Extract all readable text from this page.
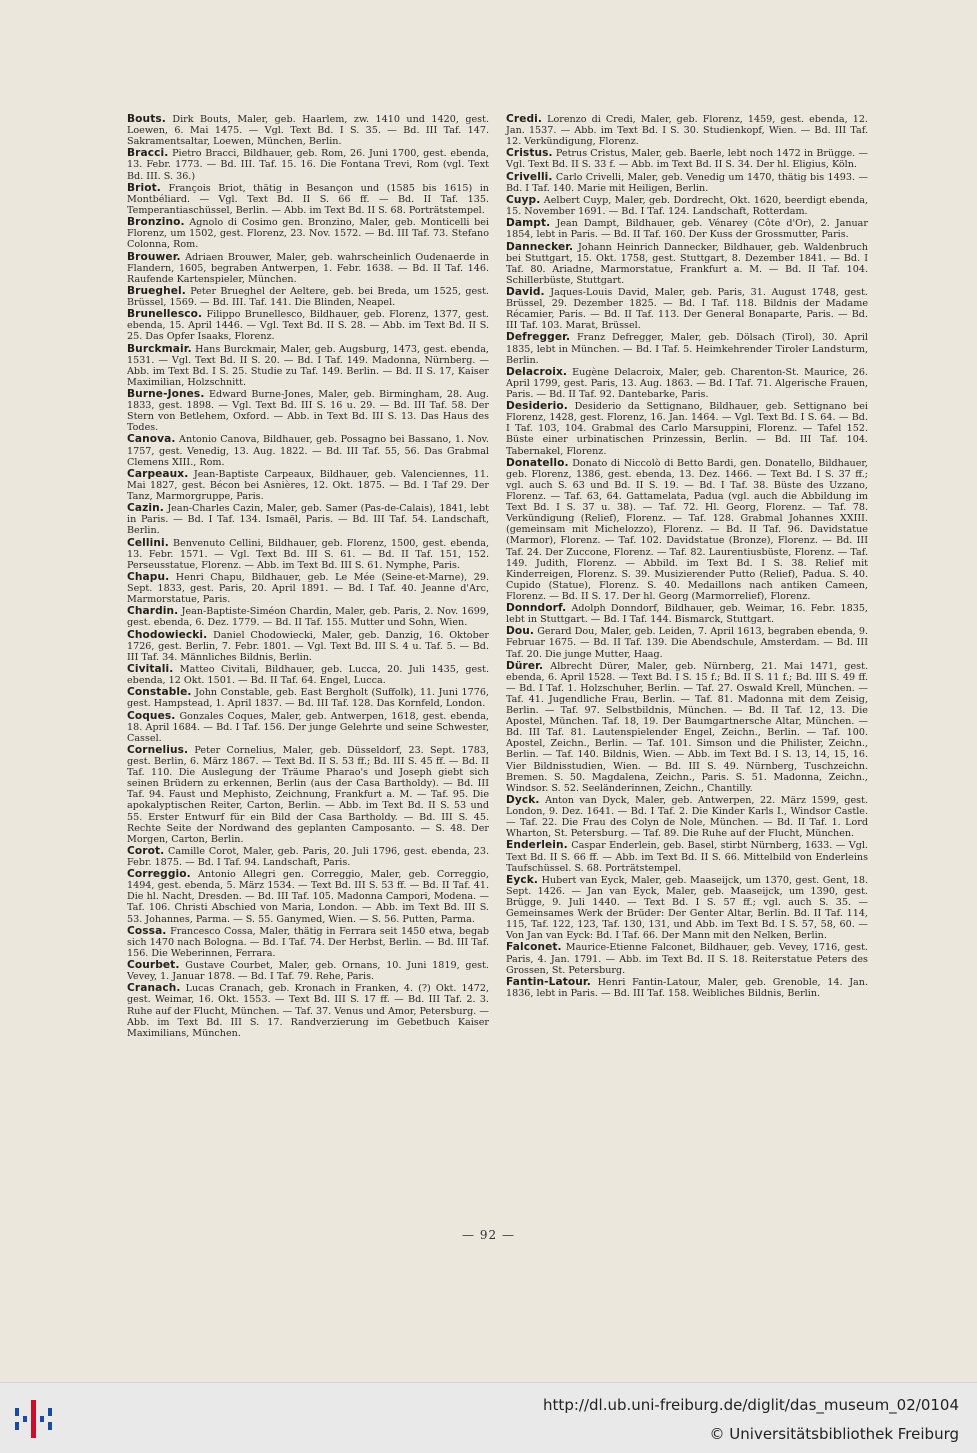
Bouts. Dirk Bouts, Maler, geb. Haarlem, zw. 1410 und 1420, gest. Loewen, 6. Mai 1475. — Vgl. Text Bd. I S. 35. — Bd. III Taf. 147. Sakramentsaltar, Loewen, München, Berlin.
Bracci. Pietro Bracci, Bildhauer, geb. Rom, 26. Juni 1700, gest. ebenda, 13. Febr. 1773. — Bd. III. Taf. 15. 16. Die Fontana Trevi, Rom (vgl. Text Bd. III. S. 36.)
Briot. François Briot, thätig in Besançon und (1585 bis 1615) in Montbéliard. — Vgl. Text Bd. II S. 66 ff. — Bd. II Taf. 135. Temperantiaschüssel, Berlin. — Abb. im Text Bd. II S. 68. Porträtstempel.
Bronzino. Agnolo di Cosimo gen. Bronzino, Maler, geb. Monticelli bei Florenz, um 1502, gest. Florenz, 23. Nov. 1572. — Bd. III Taf. 73. Stefano Colonna, Rom.
Brouwer. Adriaen Brouwer, Maler, geb. wahrscheinlich Oudenaerde in Flandern, 1605, begraben Antwerpen, 1. Febr. 1638. — Bd. II Taf. 146. Raufende Kartenspieler, München.
Brueghel. Peter Brueghel der Aeltere, geb. bei Breda, um 1525, gest. Brüssel, 1569. — Bd. III. Taf. 141. Die Blinden, Neapel.
Brunellesco. Filippo Brunellesco, Bildhauer, geb. Florenz, 1377, gest. ebenda, 15. April 1446. — Vgl. Text Bd. II S. 28. — Abb. im Text Bd. II S. 25. Das Opfer Isaaks, Florenz.
Burckmair. Hans Burckmair, Maler, geb. Augsburg, 1473, gest. ebenda, 1531. — Vgl. Text Bd. II S. 20. — Bd. I Taf. 149. Madonna, Nürnberg. — Abb. im Text Bd. I S. 25. Studie zu Taf. 149. Berlin. — Bd. II S. 17, Kaiser Maximilian, Holzschnitt.
Burne-Jones. Edward Burne-Jones, Maler, geb. Birmingham, 28. Aug. 1833, gest. 1898. — Vgl. Text Bd. III S. 16 u. 29. — Bd. III Taf. 58. Der Stern von Betlehem, Oxford. — Abb. in Text Bd. III S. 13. Das Haus des Todes.
Canova. Antonio Canova, Bildhauer, geb. Possagno bei Bassano, 1. Nov. 1757, gest. Venedig, 13. Aug. 1822. — Bd. III Taf. 55, 56. Das Grabmal Clemens XIII., Rom.
Carpeaux. Jean-Baptiste Carpeaux, Bildhauer, geb. Valenciennes, 11. Mai 1827, gest. Bécon bei Asnières, 12. Okt. 1875. — Bd. I Taf 29. Der Tanz, Marmorgruppe, Paris.
Cazin. Jean-Charles Cazin, Maler, geb. Samer (Pas-de-Calais), 1841, lebt in Paris. — Bd. I Taf. 134. Ismaël, Paris. — Bd. III Taf. 54. Landschaft, Berlin.
Cellini. Benvenuto Cellini, Bildhauer, geb. Florenz, 1500, gest. ebenda, 13. Febr. 1571. — Vgl. Text Bd. III S. 61. — Bd. II Taf. 151, 152. Perseusstatue, Florenz. — Abb. im Text Bd. III S. 61. Nymphe, Paris.
Chapu. Henri Chapu, Bildhauer, geb. Le Mée (Seine-et-Marne), 29. Sept. 1833, gest. Paris, 20. April 1891. — Bd. I Taf. 40. Jeanne d'Arc, Marmorstatue, Paris.
Chardin. Jean-Baptiste-Siméon Chardin, Maler, geb. Paris, 2. Nov. 1699, gest. ebenda, 6. Dez. 1779. — Bd. II Taf. 155. Mutter und Sohn, Wien.
Chodowiecki. Daniel Chodowiecki, Maler, geb. Danzig, 16. Oktober 1726, gest. Berlin, 7. Febr. 1801. — Vgl. Text Bd. III S. 4 u. Taf. 5. — Bd. III Taf. 34. Männliches Bildnis, Berlin.
Civitali. Matteo Civitali, Bildhauer, geb. Lucca, 20. Juli 1435, gest. ebenda, 12 Okt. 1501. — Bd. II Taf. 64. Engel, Lucca.
Constable. John Constable, geb. East Bergholt (Suffolk), 11. Juni 1776, gest. Hampstead, 1. April 1837. — Bd. III Taf. 128. Das Kornfeld, London.
Coques. Gonzales Coques, Maler, geb. Antwerpen, 1618, gest. ebenda, 18. April 1684. — Bd. I Taf. 156. Der junge Gelehrte und seine Schwester, Cassel.
Cornelius. Peter Cornelius, Maler, geb. Düsseldorf, 23. Sept. 1783, gest. Berlin, 6. März 1867. — Text Bd. II S. 53 ff.; Bd. III S. 45 ff. — Bd. II Taf. 110. Die Auslegung der Träume Pharao's und Joseph giebt sich seinen Brüdern zu erkennen, Berlin (aus der Casa Bartholdy). — Bd. III Taf. 94. Faust und Mephisto, Zeichnung, Frankfurt a. M. — Taf. 95. Die apokalyptischen Reiter, Carton, Berlin. — Abb. im Text Bd. II S. 53 und 55. Erster Entwurf für ein Bild der Casa Bartholdy. — Bd. III S. 45. Rechte Seite der Nordwand des geplanten Camposanto. — S. 48. Der Morgen, Carton, Berlin.
Corot. Camille Corot, Maler, geb. Paris, 20. Juli 1796, gest. ebenda, 23. Febr. 1875. — Bd. I Taf. 94. Landschaft, Paris.
Correggio. Antonio Allegri gen. Correggio, Maler, geb. Correggio, 1494, gest. ebenda, 5. März 1534. — Text Bd. III S. 53 ff. — Bd. II Taf. 41. Die hl. Nacht, Dresden. — Bd. III Taf. 105. Madonna Campori, Modena. — Taf. 106. Christi Abschied von Maria, London. — Abb. im Text Bd. III S. 53. Johannes, Parma. — S. 55. Ganymed, Wien. — S. 56. Putten, Parma.
Cossa. Francesco Cossa, Maler, thätig in Ferrara seit 1450 etwa, begab sich 1470 nach Bologna. — Bd. I Taf. 74. Der Herbst, Berlin. — Bd. III Taf. 156. Die Weberinnen, Ferrara.
Courbet. Gustave Courbet, Maler, geb. Ornans, 10. Juni 1819, gest. Vevey, 1. Januar 1878. — Bd. I Taf. 79. Rehe, Paris.
Cranach. Lucas Cranach, geb. Kronach in Franken, 4. (?) Okt. 1472, gest. Weimar, 16. Okt. 1553. — Text Bd. III S. 17 ff. — Bd. III Taf. 2. 3. Ruhe auf der Flucht, München. — Taf. 37. Venus und Amor, Petersburg. — Abb. im Text Bd. III S. 17. Randverzierung im Gebetbuch Kaiser Maximilians, München.
Credi. Lorenzo di Credi, Maler, geb. Florenz, 1459, gest. ebenda, 12. Jan. 1537. — Abb. im Text Bd. I S. 30. Studienkopf, Wien. — Bd. III Taf. 12. Verkündigung, Florenz.
Cristus. Petrus Cristus, Maler, geb. Baerle, lebt noch 1472 in Brügge. — Vgl. Text Bd. II S. 33 f. — Abb. im Text Bd. II S. 34. Der hl. Eligius, Köln.
Crivelli. Carlo Crivelli, Maler, geb. Venedig um 1470, thätig bis 1493. — Bd. I Taf. 140. Marie mit Heiligen, Berlin.
Cuyp. Aelbert Cuyp, Maler, geb. Dordrecht, Okt. 1620, beerdigt ebenda, 15. November 1691. — Bd. I Taf. 124. Landschaft, Rotterdam.
Dampt. Jean Dampt, Bildhauer, geb. Vénarey (Côte d'Or), 2. Januar 1854, lebt in Paris. — Bd. II Taf. 160. Der Kuss der Grossmutter, Paris.
Dannecker. Johann Heinrich Dannecker, Bildhauer, geb. Waldenbruch bei Stuttgart, 15. Okt. 1758, gest. Stuttgart, 8. Dezember 1841. — Bd. I Taf. 80. Ariadne, Marmorstatue, Frankfurt a. M. — Bd. II Taf. 104. Schillerbüste, Stuttgart.
David. Jaques-Louis David, Maler, geb. Paris, 31. August 1748, gest. Brüssel, 29. Dezember 1825. — Bd. I Taf. 118. Bildnis der Madame Récamier, Paris. — Bd. II Taf. 113. Der General Bonaparte, Paris. — Bd. III Taf. 103. Marat, Brüssel.
Defregger. Franz Defregger, Maler, geb. Dölsach (Tirol), 30. April 1835, lebt in München. — Bd. I Taf. 5. Heimkehrender Tiroler Landsturm, Berlin.
Delacroix. Eugène Delacroix, Maler, geb. Charenton-St. Maurice, 26. April 1799, gest. Paris, 13. Aug. 1863. — Bd. I Taf. 71. Algerische Frauen, Paris. — Bd. II Taf. 92. Dantebarke, Paris.
Desiderio. Desiderio da Settignano, Bildhauer, geb. Settignano bei Florenz, 1428, gest. Florenz, 16. Jan. 1464. — Vgl. Text Bd. I S. 64. — Bd. I Taf. 103, 104. Grabmal des Carlo Marsuppini, Florenz. — Tafel 152. Büste einer urbinatischen Prinzessin, Berlin. — Bd. III Taf. 104. Tabernakel, Florenz.
Donatello. Donato di Niccolò di Betto Bardi, gen. Donatello, Bildhauer, geb. Florenz, 1386, gest. ebenda, 13. Dez. 1466. — Text Bd. I S. 37 ff.; vgl. auch S. 63 und Bd. II S. 19. — Bd. I Taf. 38. Büste des Uzzano, Florenz. — Taf. 63, 64. Gattamelata, Padua (vgl. auch die Abbildung im Text Bd. I S. 37 u. 38). — Taf. 72. Hl. Georg, Florenz. — Taf. 78. Verkündigung (Relief), Florenz. — Taf. 128. Grabmal Johannes XXIII. (gemeinsam mit Michelozzo), Florenz. — Bd. II Taf. 96. Davidstatue (Marmor), Florenz. — Taf. 102. Davidstatue (Bronze), Florenz. — Bd. III Taf. 24. Der Zuccone, Florenz. — Taf. 82. Laurentiusbüste, Florenz. — Taf. 149. Judith, Florenz. — Abbild. im Text Bd. I S. 38. Relief mit Kinderreigen, Florenz. S. 39. Musizierender Putto (Relief), Padua. S. 40. Cupido (Statue), Florenz. S. 40. Medaillons nach antiken Cameen, Florenz. — Bd. II S. 17. Der hl. Georg (Marmorrelief), Florenz.
Donndorf. Adolph Donndorf, Bildhauer, geb. Weimar, 16. Febr. 1835, lebt in Stuttgart. — Bd. I Taf. 144. Bismarck, Stuttgart.
Dou. Gerard Dou, Maler, geb. Leiden, 7. April 1613, begraben ebenda, 9. Februar 1675. — Bd. II Taf. 139. Die Abendschule, Amsterdam. — Bd. III Taf. 20. Die junge Mutter, Haag.
Dürer. Albrecht Dürer, Maler, geb. Nürnberg, 21. Mai 1471, gest. ebenda, 6. April 1528. — Text Bd. I S. 15 f.; Bd. II S. 11 f.; Bd. III S. 49 ff. — Bd. I Taf. 1. Holzschuher, Berlin. — Taf. 27. Oswald Krell, München. — Taf. 41. Jugendliche Frau, Berlin. — Taf. 81. Madonna mit dem Zeisig, Berlin. — Taf. 97. Selbstbildnis, München. — Bd. II Taf. 12, 13. Die Apostel, München. Taf. 18, 19. Der Baumgartnersche Altar, München. — Bd. III Taf. 81. Lautenspielender Engel, Zeichn., Berlin. — Taf. 100. Apostel, Zeichn., Berlin. — Taf. 101. Simson und die Philister, Zeichn., Berlin. — Taf. 140. Bildnis, Wien. — Abb. im Text Bd. I S. 13, 14, 15, 16. Vier Bildnisstudien, Wien. — Bd. III S. 49. Nürnberg, Tuschzeichn. Bremen. S. 50. Magdalena, Zeichn., Paris. S. 51. Madonna, Zeichn., Windsor. S. 52. Seeländerinnen, Zeichn., Chantilly.
Dyck. Anton van Dyck, Maler, geb. Antwerpen, 22. März 1599, gest. London, 9. Dez. 1641. — Bd. I Taf. 2. Die Kinder Karls I., Windsor Castle. — Taf. 22. Die Frau des Colyn de Nole, München. — Bd. II Taf. 1. Lord Wharton, St. Petersburg. — Taf. 89. Die Ruhe auf der Flucht, München.
Enderlein. Caspar Enderlein, geb. Basel, stirbt Nürnberg, 1633. — Vgl. Text Bd. II S. 66 ff. — Abb. im Text Bd. II S. 66. Mittelbild von Enderleins Taufschüssel. S. 68. Porträtstempel.
Eyck. Hubert van Eyck, Maler, geb. Maaseijck, um 1370, gest. Gent, 18. Sept. 1426. — Jan van Eyck, Maler, geb. Maaseijck, um 1390, gest. Brügge, 9. Juli 1440. — Text Bd. I S. 57 ff.; vgl. auch S. 35. — Gemeinsames Werk der Brüder: Der Genter Altar, Berlin. Bd. II Taf. 114, 115, Taf. 122, 123, Taf. 130, 131, und Abb. im Text Bd. I S. 57, 58, 60. — Von Jan van Eyck: Bd. I Taf. 66. Der Mann mit den Nelken, Berlin.
Falconet. Maurice-Etienne Falconet, Bildhauer, geb. Vevey, 1716, gest. Paris, 4. Jan. 1791. — Abb. im Text Bd. II S. 18. Reiterstatue Peters des Grossen, St. Petersburg.
Fantin-Latour. Henri Fantin-Latour, Maler, geb. Grenoble, 14. Jan. 1836, lebt in Paris. — Bd. III Taf. 158. Weibliches Bildnis, Berlin.
— 92 —
http://dl.ub.uni-freiburg.de/diglit/das_museum_02/0104
© Universitätsbibliothek Freiburg
